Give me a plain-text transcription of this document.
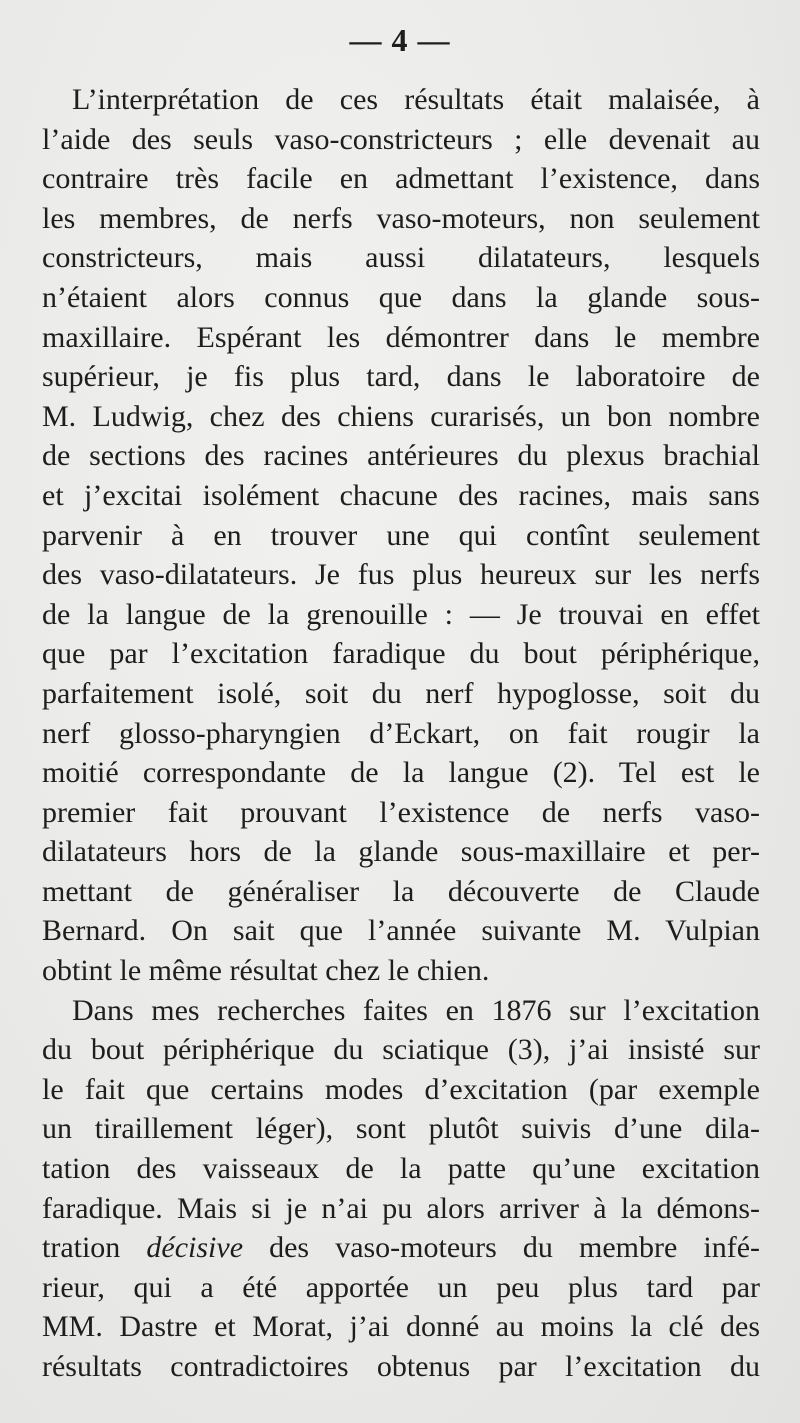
— 4 —
L’interprétation de ces résultats était malaisée, à
l’aide des seuls vaso-constricteurs ; elle devenait au
contraire très facile en admettant l’existence, dans
les membres, de nerfs vaso-moteurs, non seulement
constricteurs, mais aussi dilatateurs, lesquels
n’étaient alors connus que dans la glande sous-
maxillaire. Espérant les démontrer dans le membre
supérieur, je fis plus tard, dans le laboratoire de
M. Ludwig, chez des chiens curarisés, un bon nombre
de sections des racines antérieures du plexus brachial
et j’excitai isolément chacune des racines, mais sans
parvenir à en trouver une qui contînt seulement
des vaso-dilatateurs. Je fus plus heureux sur les nerfs
de la langue de la grenouille : — Je trouvai en effet
que par l’excitation faradique du bout périphérique,
parfaitement isolé, soit du nerf hypoglosse, soit du
nerf glosso-pharyngien d’Eckart, on fait rougir la
moitié correspondante de la langue (2). Tel est le
premier fait prouvant l’existence de nerfs vaso-
dilatateurs hors de la glande sous-maxillaire et per-
mettant de généraliser la découverte de Claude
Bernard. On sait que l’année suivante M. Vulpian
obtint le même résultat chez le chien.
Dans mes recherches faites en 1876 sur l’excitation
du bout périphérique du sciatique (3), j’ai insisté sur
le fait que certains modes d’excitation (par exemple
un tiraillement léger), sont plutôt suivis d’une dila-
tation des vaisseaux de la patte qu’une excitation
faradique. Mais si je n’ai pu alors arriver à la démons-
tration décisive des vaso-moteurs du membre infé-
rieur, qui a été apportée un peu plus tard par
MM. Dastre et Morat, j’ai donné au moins la clé des
résultats contradictoires obtenus par l’excitation du
